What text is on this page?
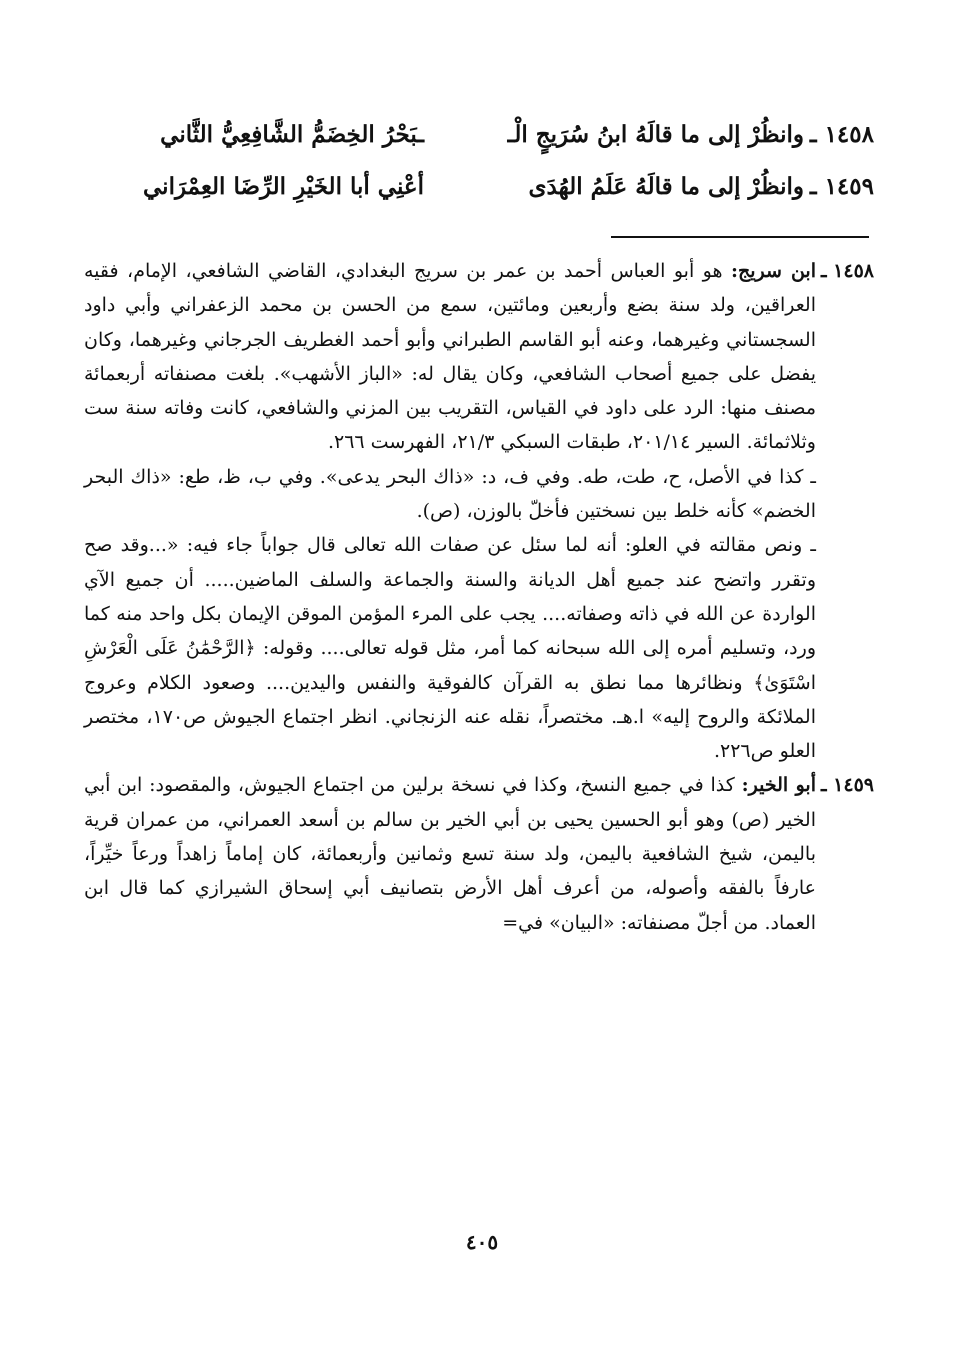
١٤٥٨ ـ
وانظُرْ إلى ما قالَهُ ابنُ سُرَيجٍ الْـ
ـبَحْرُ الخِضَمُّ الشَّافِعِيُّ الثَّاني
١٤٥٩ ـ
وانظُرْ إلى ما قالَهُ عَلَمُ الهُدَى
أعْنِي أبا الخَيْرِ الرِّضَا العِمْرَاني
١٤٥٨ ـ
ابن سريج: هو أبو العباس أحمد بن عمر بن سريج البغدادي، القاضي الشافعي، الإمام، فقيه العراقين، ولد سنة بضع وأربعين ومائتين، سمع من الحسن بن محمد الزعفراني وأبي داود السجستاني وغيرهما، وعنه أبو القاسم الطبراني وأبو أحمد الغطريف الجرجاني وغيرهما، وكان يفضل على جميع أصحاب الشافعي، وكان يقال له: «الباز الأشهب». بلغت مصنفاته أربعمائة مصنف منها: الرد على داود في القياس، التقريب بين المزني والشافعي، كانت وفاته سنة ست وثلاثمائة. السير ٢٠١/١٤، طبقات السبكي ٢١/٣، الفهرست ٢٦٦.
ـ كذا في الأصل، ح، طت، طه. وفي ف، د: «ذاك البحر يدعى». وفي ب، ظ، طع: «ذاك البحر الخضم» كأنه خلط بين نسختين فأخلّ بالوزن، (ص).
ـ ونص مقالته في العلو: أنه لما سئل عن صفات الله تعالى قال جواباً جاء فيه: «...وقد صح وتقرر واتضح عند جميع أهل الديانة والسنة والجماعة والسلف الماضين..... أن جميع الآي الواردة عن الله في ذاته وصفاته.... يجب على المرء المؤمن الموقن الإيمان بكل واحد منه كما ورد، وتسليم أمره إلى الله سبحانه كما أمر، مثل قوله تعالى.... وقوله: ﴿الرَّحْمَٰنُ عَلَى الْعَرْشِ اسْتَوَىٰ﴾ ونظائرها مما نطق به القرآن كالفوقية والنفس واليدين.... وصعود الكلام وعروج الملائكة والروح إليه» ا.هـ. مختصراً، نقله عنه الزنجاني. انظر اجتماع الجيوش ص١٧٠، مختصر العلو ص٢٢٦.
١٤٥٩ ـ
أبو الخير: كذا في جميع النسخ، وكذا في نسخة برلين من اجتماع الجيوش، والمقصود: ابن أبي الخير (ص) وهو أبو الحسين يحيى بن أبي الخير بن سالم بن أسعد العمراني، من عمران قرية باليمن، شيخ الشافعية باليمن، ولد سنة تسع وثمانين وأربعمائة، كان إماماً زاهداً ورعاً خيِّراً، عارفاً بالفقه وأصوله، من أعرف أهل الأرض بتصانيف أبي إسحاق الشيرازي كما قال ابن العماد. من أجلّ مصنفاته: «البيان» في=
٤٠٥
